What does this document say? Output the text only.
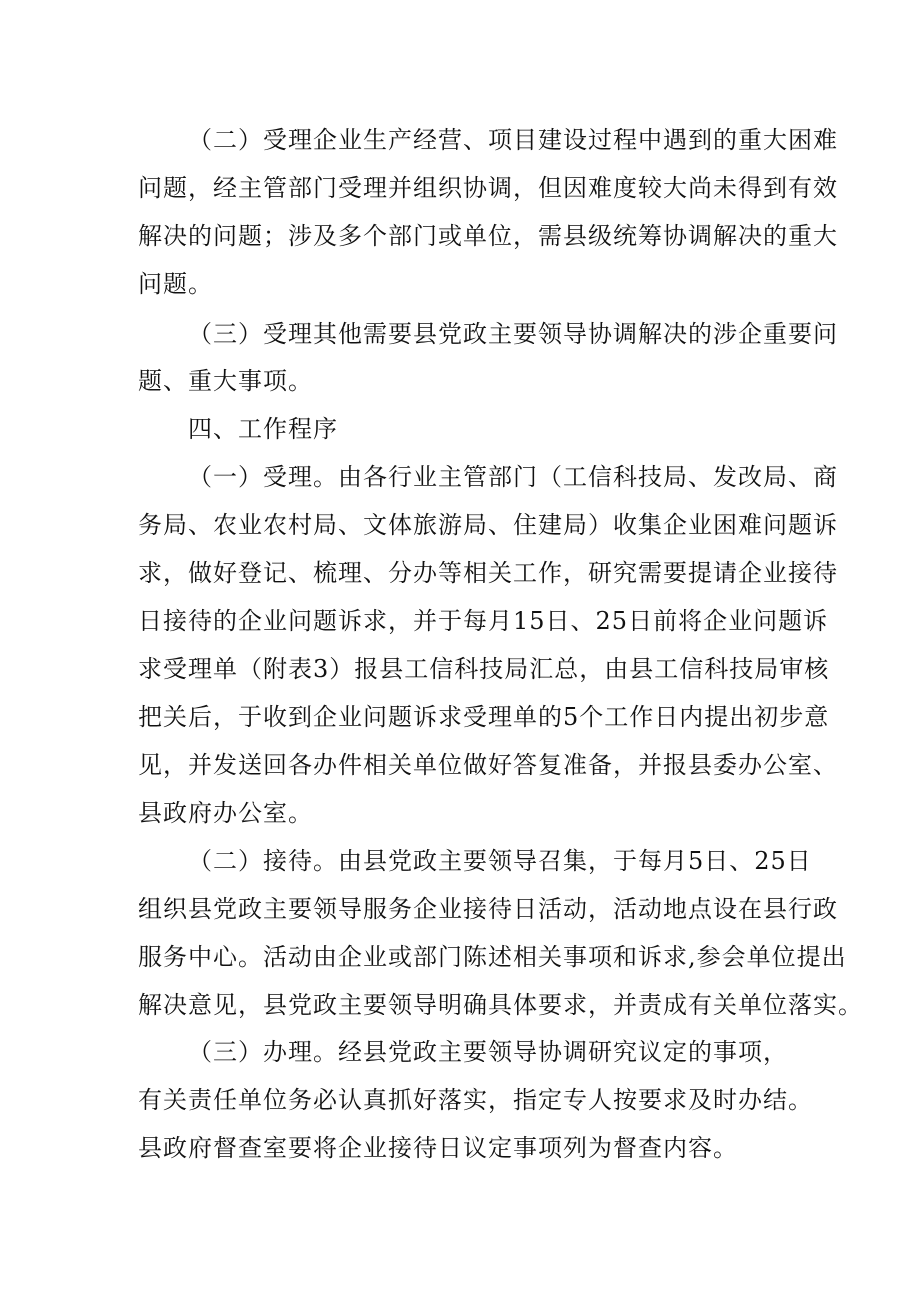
（二）受理企业生产经营、项目建设过程中遇到的重大困难
问题，经主管部门受理并组织协调，但因难度较大尚未得到有效
解决的问题；涉及多个部门或单位，需县级统筹协调解决的重大
问题。
（三）受理其他需要县党政主要领导协调解决的涉企重要问
题、重大事项。
四、工作程序
（一）受理。由各行业主管部门（工信科技局、发改局、商
务局、农业农村局、文体旅游局、住建局）收集企业困难问题诉
求，做好登记、梳理、分办等相关工作，研究需要提请企业接待
日接待的企业问题诉求，并于每月15日、25日前将企业问题诉
求受理单（附表3）报县工信科技局汇总，由县工信科技局审核
把关后，于收到企业问题诉求受理单的5个工作日内提出初步意
见，并发送回各办件相关单位做好答复准备，并报县委办公室、
县政府办公室。
（二）接待。由县党政主要领导召集，于每月5日、25日
组织县党政主要领导服务企业接待日活动，活动地点设在县行政
服务中心。活动由企业或部门陈述相关事项和诉求,参会单位提出
解决意见，县党政主要领导明确具体要求，并责成有关单位落实。
（三）办理。经县党政主要领导协调研究议定的事项，
有关责任单位务必认真抓好落实，指定专人按要求及时办结。
县政府督查室要将企业接待日议定事项列为督查内容。
